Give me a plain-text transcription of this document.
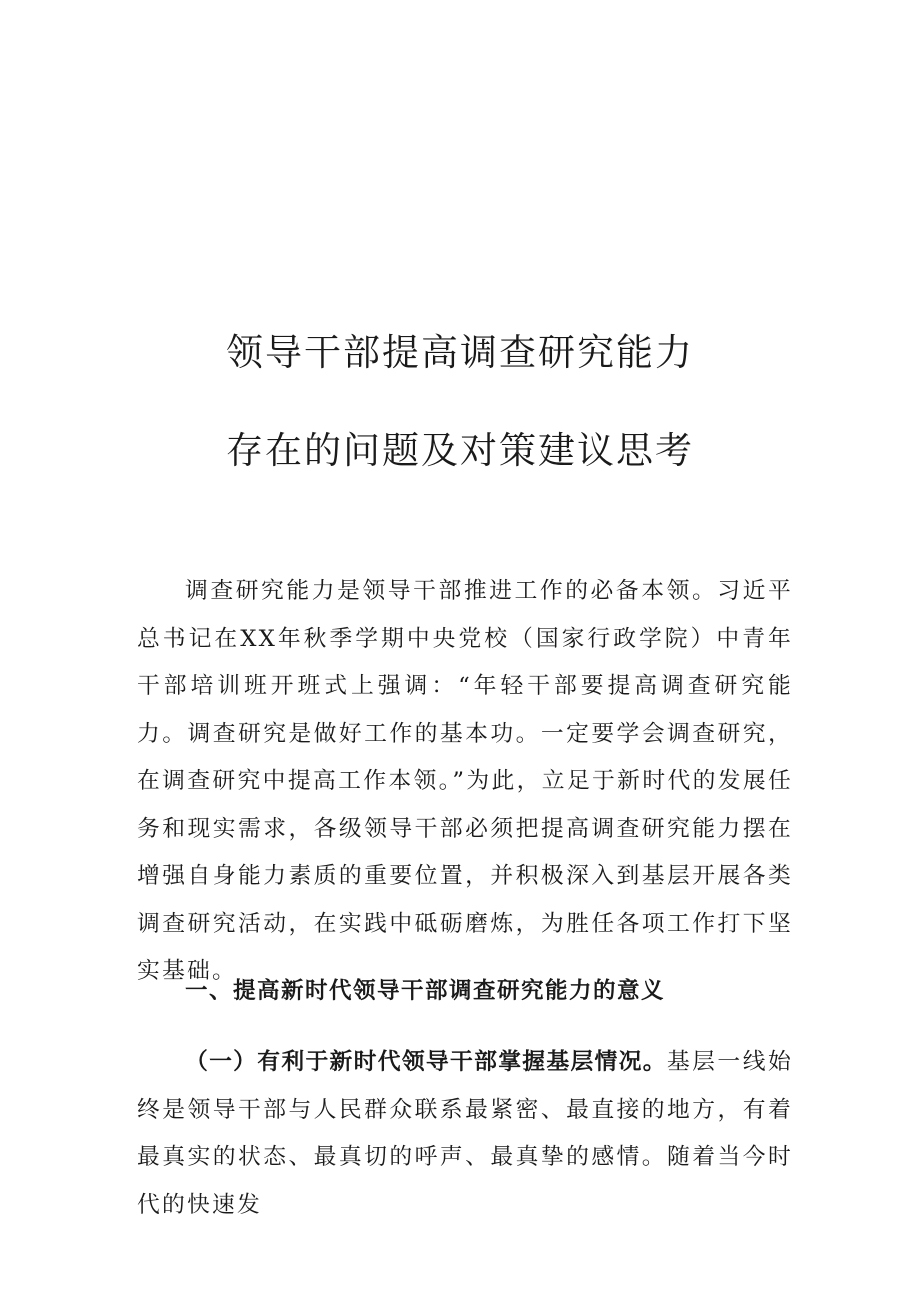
领导干部提高调查研究能力
存在的问题及对策建议思考

调查研究能力是领导干部推进工作的必备本领。习近平总书记在XX年秋季学期中央党校（国家行政学院）中青年干部培训班开班式上强调：“年轻干部要提高调查研究能力。调查研究是做好工作的基本功。一定要学会调查研究，在调查研究中提高工作本领。”为此，立足于新时代的发展任务和现实需求，各级领导干部必须把提高调查研究能力摆在增强自身能力素质的重要位置，并积极深入到基层开展各类调查研究活动，在实践中砥砺磨炼，为胜任各项工作打下坚实基础。

一、提高新时代领导干部调查研究能力的意义

（一）有利于新时代领导干部掌握基层情况。基层一线始终是领导干部与人民群众联系最紧密、最直接的地方，有着最真实的状态、最真切的呼声、最真挚的感情。随着当今时代的快速发
